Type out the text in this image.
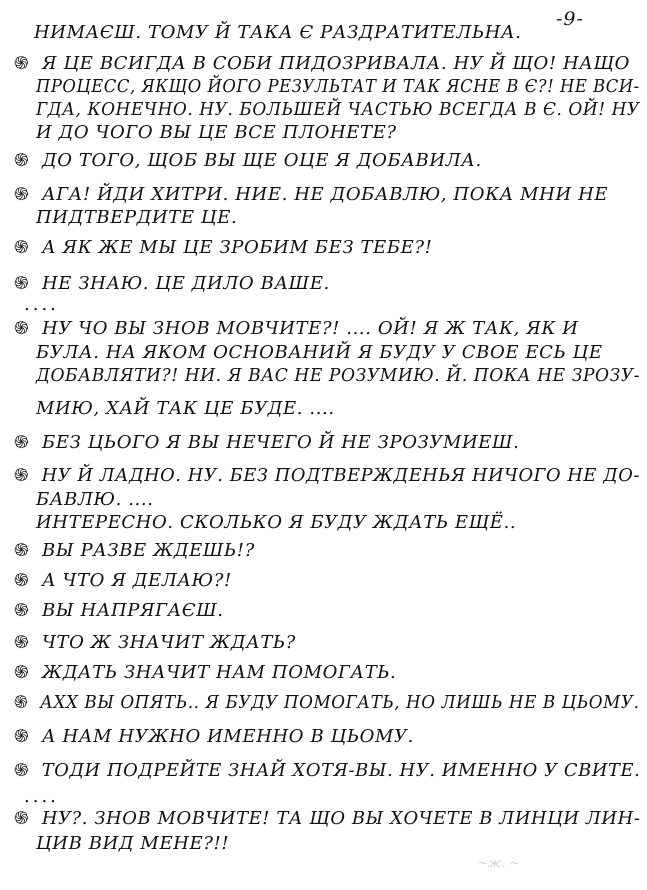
-9-
НИМАЄШ. ТОМУ Й ТАКА Є РАЗДРАТИТЕЛЬНА.
֍ Я ЦЕ ВСИГДА В СОБИ ПИДОЗРИВАЛА. НУ Й ЩО! НАЩО
ПРОЦЕСС, ЯКЩО ЙОГО РЕЗУЛЬТАТ И ТАК ЯСНЕ В Є?! НЕ ВСИ-
ГДА, КОНЕЧНО. НУ. БОЛЬШЕЙ ЧАСТЬЮ ВСЕГДА В Є. ОЙ! НУ
И ДО ЧОГО ВЫ ЦЕ ВСЕ ПЛОНЕТЕ?
֍ ДО ТОГО, ЩОБ ВЫ ЩЕ ОЦЕ Я ДОБАВИЛА.
֍ АГА! ЙДИ ХИТРИ. НИЕ. НЕ ДОБАВЛЮ, ПОКА МНИ НЕ
ПИДТВЕРДИТЕ ЦЕ.
֍ А ЯК ЖЕ МЫ ЦЕ ЗРОБИМ БЕЗ ТЕБЕ?!
֍ НЕ ЗНАЮ. ЦЕ ДИЛО ВАШЕ.
֍ НУ ЧО ВЫ ЗНОВ МОВЧИТЕ?! .... ОЙ! Я Ж ТАК, ЯК И
БУЛА. НА ЯКОМ ОСНОВАНИЙ Я БУДУ У СВОЕ ЕСЬ ЦЕ
ДОБАВЛЯТИ?! НИ. Я ВАС НЕ РОЗУМИЮ. Й. ПОКА НЕ ЗРОЗУ-
МИЮ, ХАЙ ТАК ЦЕ БУДЕ. ....
֍ БЕЗ ЦЬОГО Я ВЫ НЕЧЕГО Й НЕ ЗРОЗУМИЕШ.
֍ НУ Й ЛАДНО. НУ. БЕЗ ПОДТВЕРЖДЕНЬЯ НИЧОГО НЕ ДО-
БАВЛЮ. ....
ИНТЕРЕСНО. СКОЛЬКО Я БУДУ ЖДАТЬ ЕЩЁ..
֍ ВЫ РАЗВЕ ЖДЕШЬ!?
֍ А ЧТО Я ДЕЛАЮ?!
֍ ВЫ НАПРЯГАЄШ.
֍ ЧТО Ж ЗНАЧИТ ЖДАТЬ?
֍ ЖДАТЬ ЗНАЧИТ НАМ ПОМОГАТЬ.
֍ АХХ ВЫ ОПЯТЬ.. Я БУДУ ПОМОГАТЬ, НО ЛИШЬ НЕ В ЦЬОМУ.
֍ А НАМ НУЖНО ИМЕННО В ЦЬОМУ.
֍ ТОДИ ПОДРЕЙТЕ ЗНАЙ ХОТЯ-ВЫ. НУ. ИМЕННО У СВИТЕ.
֍ НУ?. ЗНОВ МОВЧИТЕ! ТА ЩО ВЫ ХОЧЕТЕ В ЛИНЦИ ЛИН-
ЦИВ ВИД МЕНЕ?!!
....
....
~ж. ~
